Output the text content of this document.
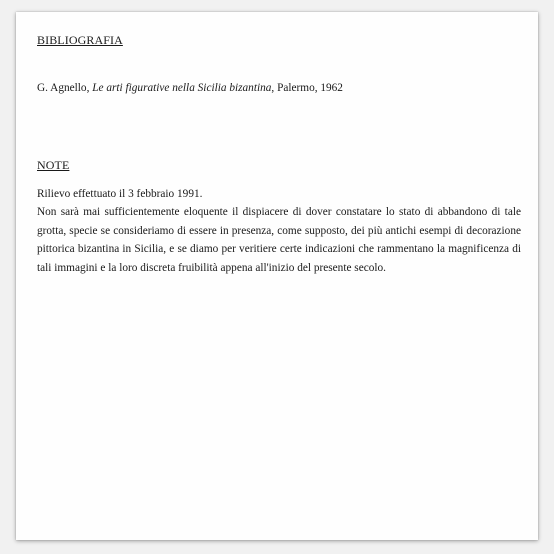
BIBLIOGRAFIA

G. Agnello, Le arti figurative nella Sicilia bizantina, Palermo, 1962

NOTE
Rilievo effettuato il 3 febbraio 1991.
Non sarà mai sufficientemente eloquente il dispiacere di dover constatare lo stato di abbandono di tale grotta, specie se consideriamo di essere in presenza, come supposto, dei più antichi esempi di decorazione pittorica bizantina in Sicilia, e se diamo per veritiere certe indicazioni che rammentano la magnificenza di tali immagini e la loro discreta fruibilità appena all'inizio del presente secolo.
